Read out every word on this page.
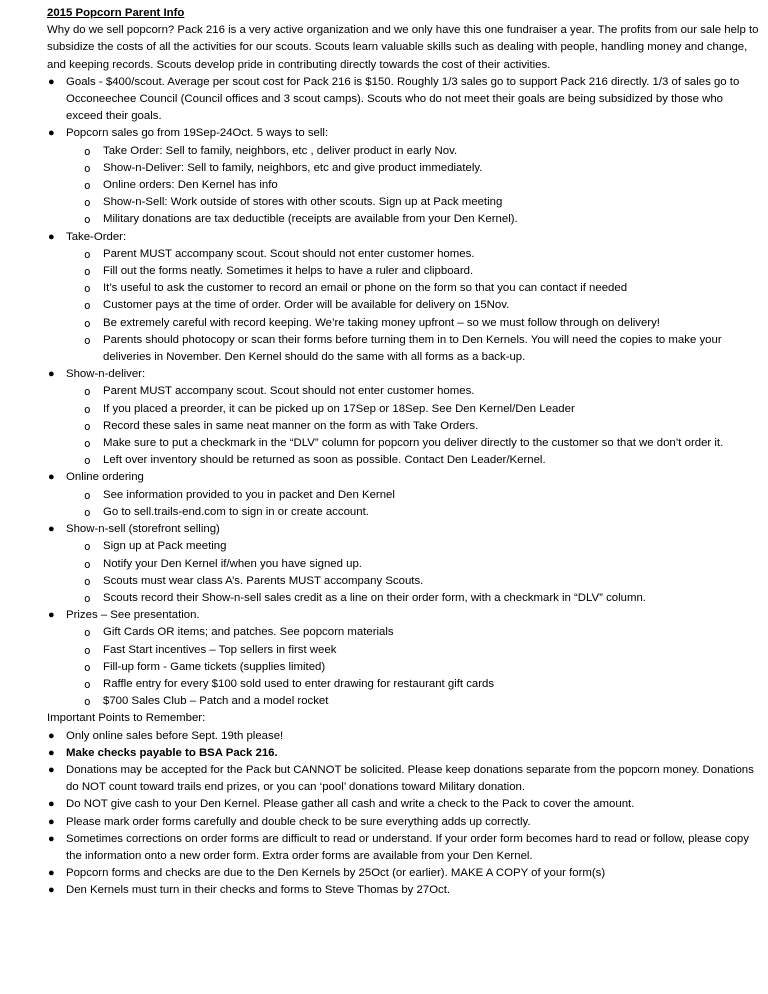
2015 Popcorn Parent Info

Why do we sell popcorn? Pack 216 is a very active organization and we only have this one fundraiser a year. The profits from our sale help to subsidize the costs of all the activities for our scouts. Scouts learn valuable skills such as dealing with people, handling money and change, and keeping records. Scouts develop pride in contributing directly towards the cost of their activities.

● Goals - $400/scout. Average per scout cost for Pack 216 is $150. Roughly 1/3 sales go to support Pack 216 directly. 1/3 of sales go to Occoneechee Council (Council offices and 3 scout camps). Scouts who do not meet their goals are being subsidized by those who exceed their goals.
● Popcorn sales go from 19Sep-24Oct. 5 ways to sell:
o Take Order: Sell to family, neighbors, etc , deliver product in early Nov.
o Show-n-Deliver: Sell to family, neighbors, etc and give product immediately.
o Online orders: Den Kernel has info
o Show-n-Sell: Work outside of stores with other scouts. Sign up at Pack meeting
o Military donations are tax deductible (receipts are available from your Den Kernel).
● Take-Order:
o Parent MUST accompany scout. Scout should not enter customer homes.
o Fill out the forms neatly. Sometimes it helps to have a ruler and clipboard.
o It’s useful to ask the customer to record an email or phone on the form so that you can contact if needed
o Customer pays at the time of order. Order will be available for delivery on 15Nov.
o Be extremely careful with record keeping. We’re taking money upfront – so we must follow through on delivery!
o Parents should photocopy or scan their forms before turning them in to Den Kernels. You will need the copies to make your deliveries in November. Den Kernel should do the same with all forms as a back-up.
● Show-n-deliver:
o Parent MUST accompany scout. Scout should not enter customer homes.
o If you placed a preorder, it can be picked up on 17Sep or 18Sep. See Den Kernel/Den Leader
o Record these sales in same neat manner on the form as with Take Orders.
o Make sure to put a checkmark in the “DLV” column for popcorn you deliver directly to the customer so that we don’t order it.
o Left over inventory should be returned as soon as possible. Contact Den Leader/Kernel.
● Online ordering
o See information provided to you in packet and Den Kernel
o Go to sell.trails-end.com to sign in or create account.
● Show-n-sell (storefront selling)
o Sign up at Pack meeting
o Notify your Den Kernel if/when you have signed up.
o Scouts must wear class A’s. Parents MUST accompany Scouts.
o Scouts record their Show-n-sell sales credit as a line on their order form, with a checkmark in “DLV” column.
● Prizes – See presentation.
o Gift Cards OR items; and patches. See popcorn materials
o Fast Start incentives – Top sellers in first week
o Fill-up form - Game tickets (supplies limited)
o Raffle entry for every $100 sold used to enter drawing for restaurant gift cards
o $700 Sales Club – Patch and a model rocket

Important Points to Remember:

● Only online sales before Sept. 19th please!
● Make checks payable to BSA Pack 216.
● Donations may be accepted for the Pack but CANNOT be solicited. Please keep donations separate from the popcorn money. Donations do NOT count toward trails end prizes, or you can ‘pool’ donations toward Military donation.
● Do NOT give cash to your Den Kernel. Please gather all cash and write a check to the Pack to cover the amount.
● Please mark order forms carefully and double check to be sure everything adds up correctly.
● Sometimes corrections on order forms are difficult to read or understand. If your order form becomes hard to read or follow, please copy the information onto a new order form. Extra order forms are available from your Den Kernel.
● Popcorn forms and checks are due to the Den Kernels by 25Oct (or earlier). MAKE A COPY of your form(s)
● Den Kernels must turn in their checks and forms to Steve Thomas by 27Oct.
